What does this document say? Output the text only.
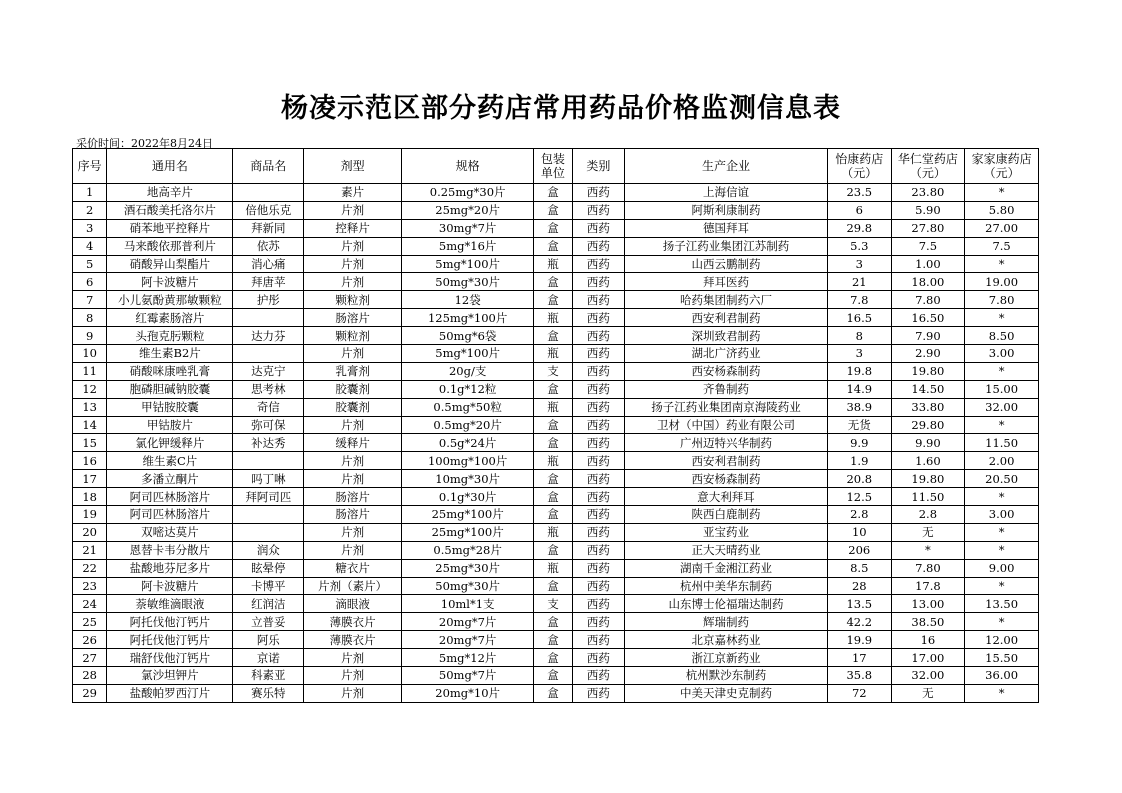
杨凌示范区部分药店常用药品价格监测信息表
采价时间：2022年8月24日
序号	通用名	商品名	剂型	规格	包装单位	类别	生产企业	怡康药店（元）	华仁堂药店（元）	家家康药店（元）
1	地高辛片		素片	0.25mg*30片	盒	西药	上海信谊	23.5	23.80	*
2	酒石酸美托洛尔片	倍他乐克	片剂	25mg*20片	盒	西药	阿斯利康制药	6	5.90	5.80
3	硝苯地平控释片	拜新同	控释片	30mg*7片	盒	西药	德国拜耳	29.8	27.80	27.00
4	马来酸依那普利片	依苏	片剂	5mg*16片	盒	西药	扬子江药业集团江苏制药	5.3	7.5	7.5
5	硝酸异山梨酯片	消心痛	片剂	5mg*100片	瓶	西药	山西云鹏制药	3	1.00	*
6	阿卡波糖片	拜唐苹	片剂	50mg*30片	盒	西药	拜耳医药	21	18.00	19.00
7	小儿氨酚黄那敏颗粒	护彤	颗粒剂	12袋	盒	西药	哈药集团制药六厂	7.8	7.80	7.80
8	红霉素肠溶片		肠溶片	125mg*100片	瓶	西药	西安利君制药	16.5	16.50	*
9	头孢克肟颗粒	达力芬	颗粒剂	50mg*6袋	盒	西药	深圳致君制药	8	7.90	8.50
10	维生素B2片		片剂	5mg*100片	瓶	西药	湖北广济药业	3	2.90	3.00
11	硝酸咪康唑乳膏	达克宁	乳膏剂	20g/支	支	西药	西安杨森制药	19.8	19.80	*
12	胞磷胆碱钠胶囊	思考林	胶囊剂	0.1g*12粒	盒	西药	齐鲁制药	14.9	14.50	15.00
13	甲钴胺胶囊	奇信	胶囊剂	0.5mg*50粒	瓶	西药	扬子江药业集团南京海陵药业	38.9	33.80	32.00
14	甲钴胺片	弥可保	片剂	0.5mg*20片	盒	西药	卫材（中国）药业有限公司	无货	29.80	*
15	氯化钾缓释片	补达秀	缓释片	0.5g*24片	盒	西药	广州迈特兴华制药	9.9	9.90	11.50
16	维生素C片		片剂	100mg*100片	瓶	西药	西安利君制药	1.9	1.60	2.00
17	多潘立酮片	吗丁啉	片剂	10mg*30片	盒	西药	西安杨森制药	20.8	19.80	20.50
18	阿司匹林肠溶片	拜阿司匹	肠溶片	0.1g*30片	盒	西药	意大利拜耳	12.5	11.50	*
19	阿司匹林肠溶片		肠溶片	25mg*100片	盒	西药	陕西白鹿制药	2.8	2.8	3.00
20	双嘧达莫片		片剂	25mg*100片	瓶	西药	亚宝药业	10	无	*
21	恩替卡韦分散片	润众	片剂	0.5mg*28片	盒	西药	正大天晴药业	206	*	*
22	盐酸地芬尼多片	眩晕停	糖衣片	25mg*30片	瓶	西药	湖南千金湘江药业	8.5	7.80	9.00
23	阿卡波糖片	卡博平	片剂（素片）	50mg*30片	盒	西药	杭州中美华东制药	28	17.8	*
24	萘敏维滴眼液	红润洁	滴眼液	10ml*1支	支	西药	山东博士伦福瑞达制药	13.5	13.00	13.50
25	阿托伐他汀钙片	立普妥	薄膜衣片	20mg*7片	盒	西药	辉瑞制药	42.2	38.50	*
26	阿托伐他汀钙片	阿乐	薄膜衣片	20mg*7片	盒	西药	北京嘉林药业	19.9	16	12.00
27	瑞舒伐他汀钙片	京诺	片剂	5mg*12片	盒	西药	浙江京新药业	17	17.00	15.50
28	氯沙坦钾片	科素亚	片剂	50mg*7片	盒	西药	杭州默沙东制药	35.8	32.00	36.00
29	盐酸帕罗西汀片	赛乐特	片剂	20mg*10片	盒	西药	中美天津史克制药	72	无	*
